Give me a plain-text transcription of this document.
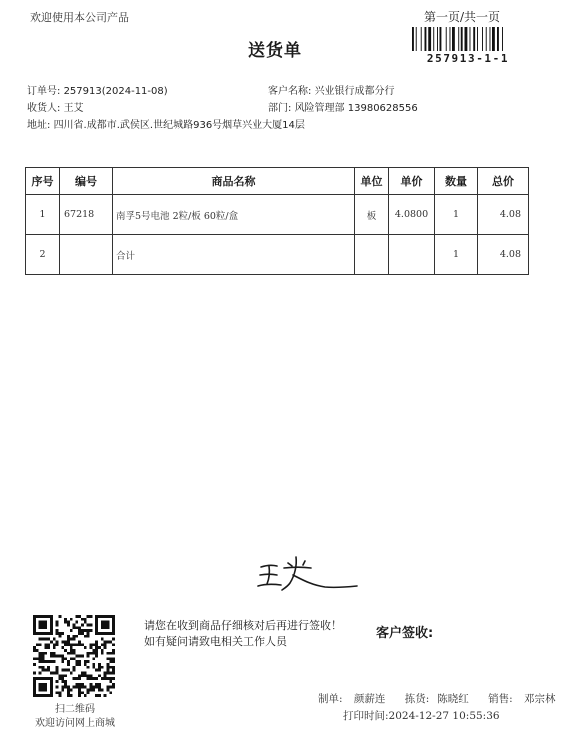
欢迎使用本公司产品	第一页/共一页
送货单	257913-1-1
订单号: 257913(2024-11-08)	客户名称: 兴业银行成都分行
收货人: 王艾	部门: 风险管理部 13980628556
地址: 四川省.成都市.武侯区.世纪城路936号烟草兴业大厦14层
序号	编号	商品名称	单位	单价	数量	总价
1	67218	南孚5号电池 2粒/板 60粒/盒	板	4.0800	1	4.08
2		合计			1	4.08
扫二维码
欢迎访问网上商城
请您在收到商品仔细核对后再进行签收！如有疑问请致电相关工作人员
客户签收:
制单: 颜薪连 拣货: 陈晓红 销售: 邓宗林
打印时间:2024-12-27 10:55:36
